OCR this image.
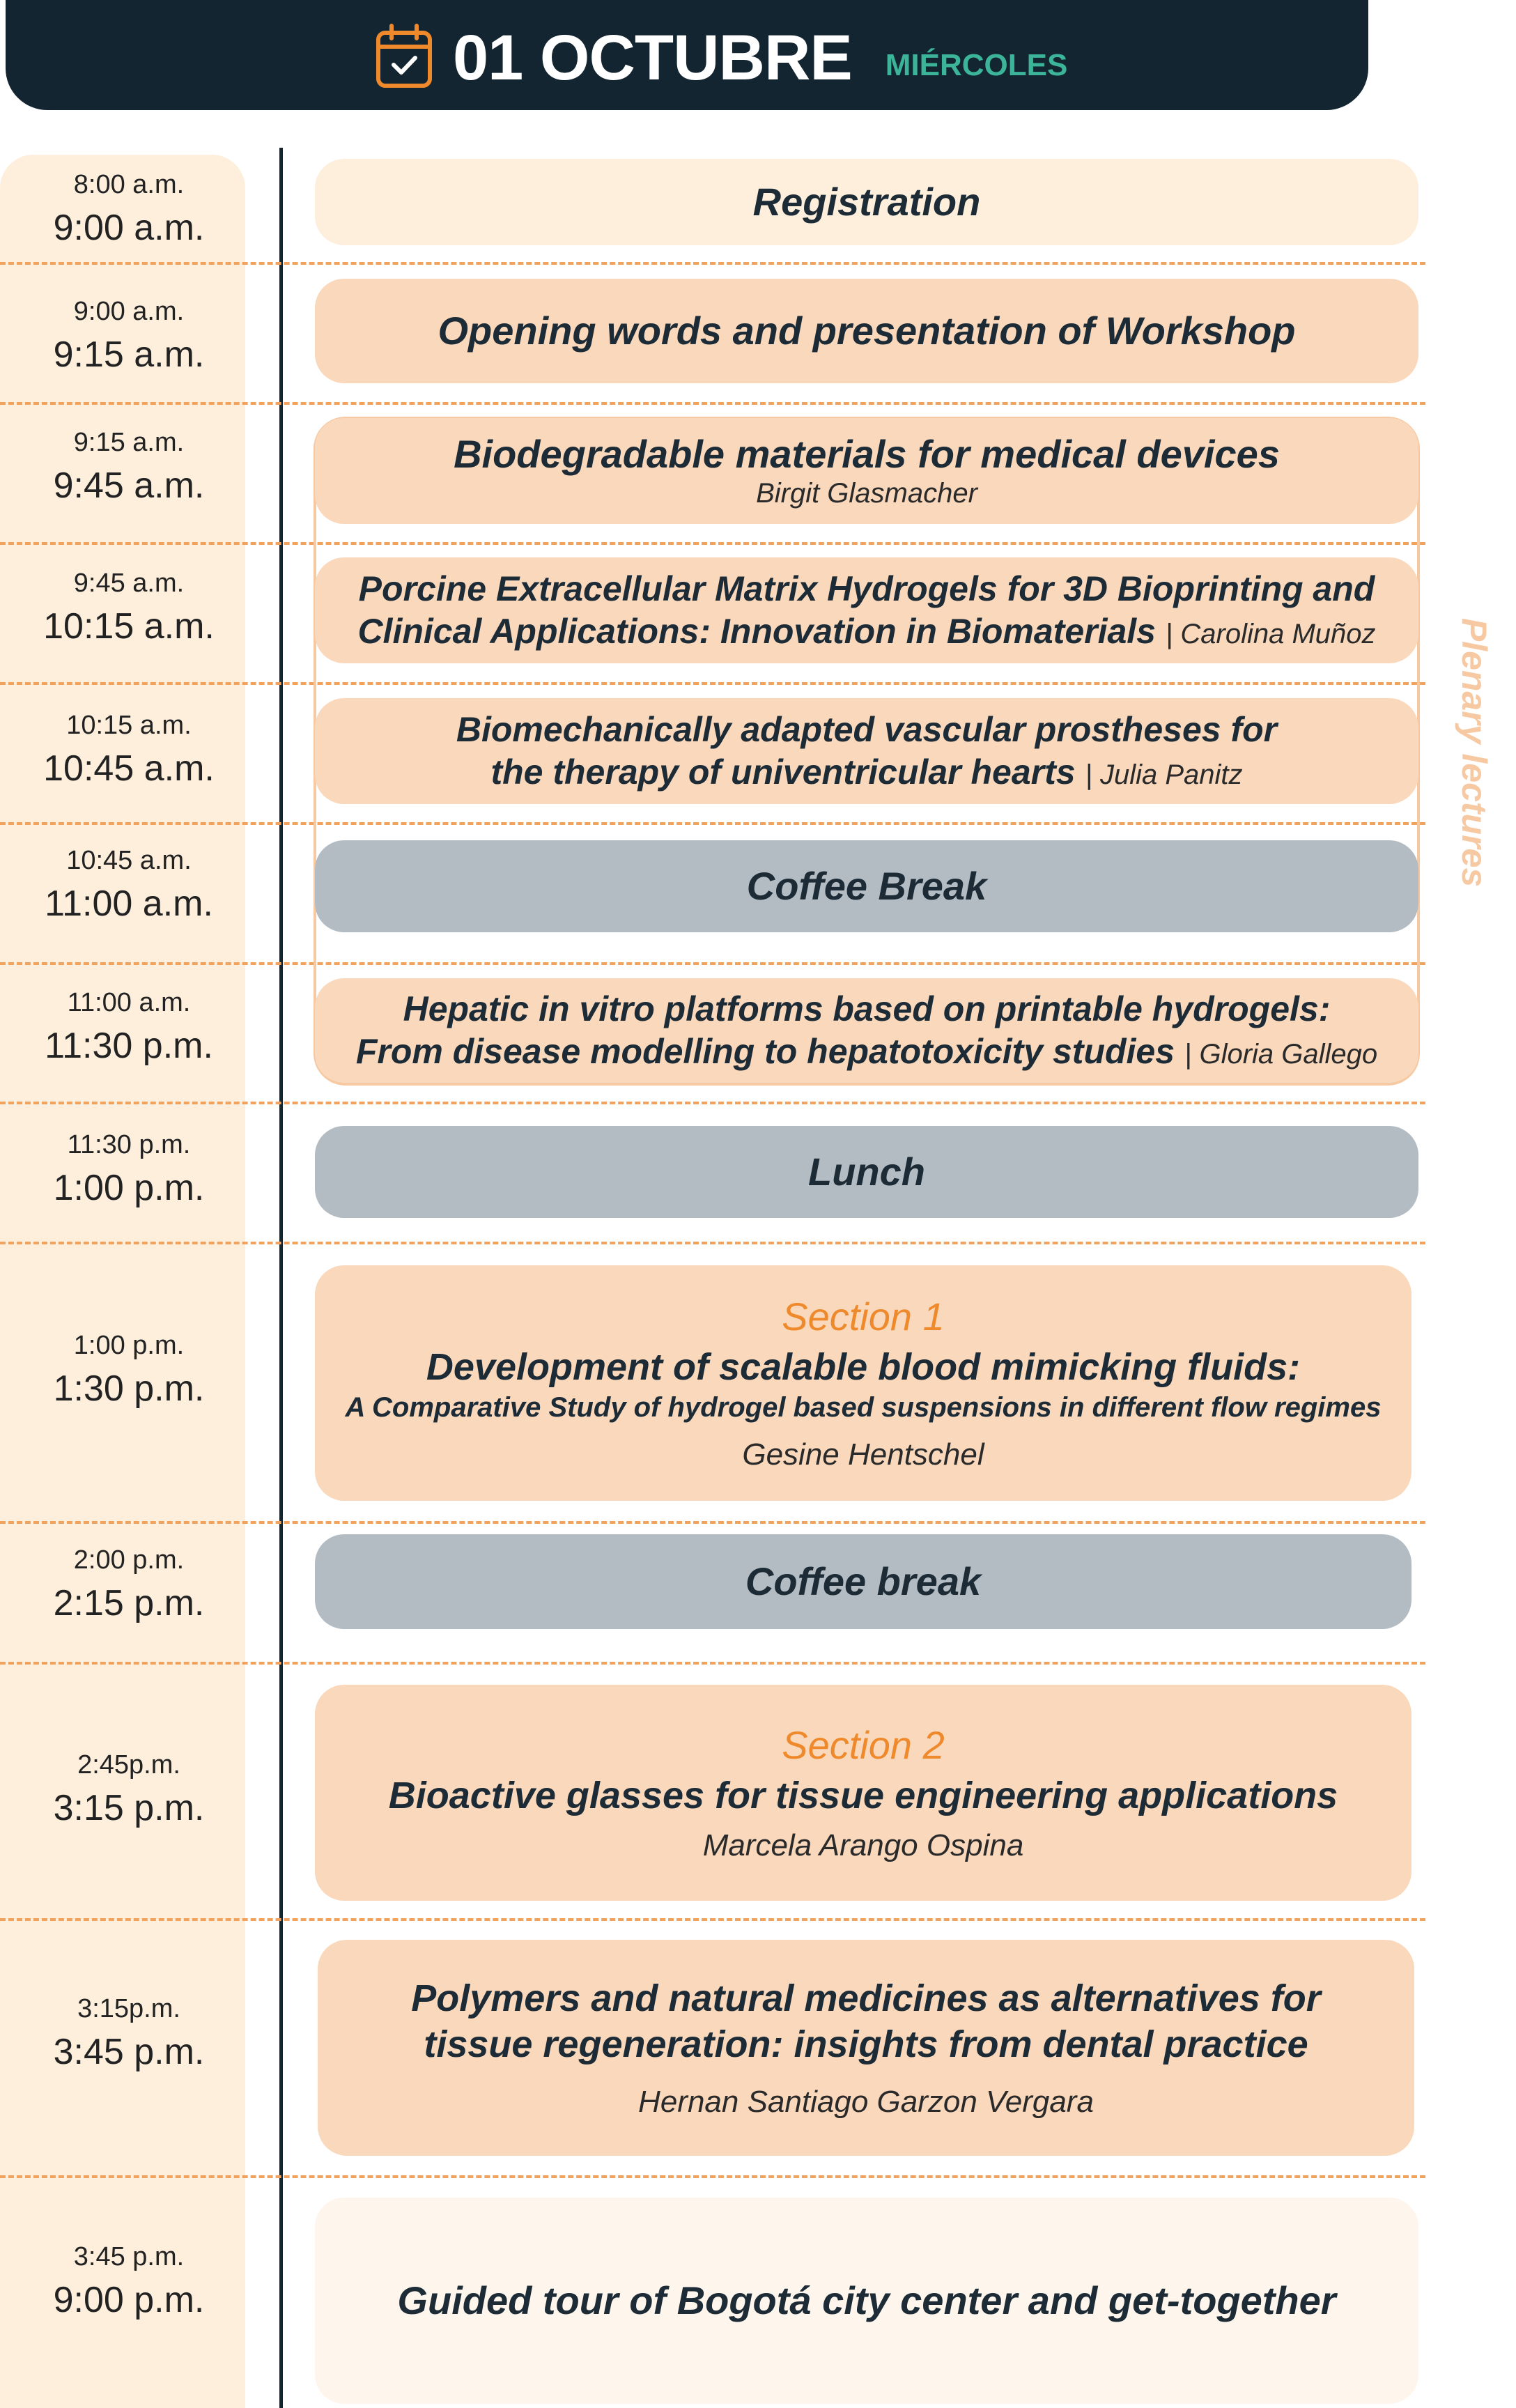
01 OCTUBRE MIÉRCOLES
8:00 a.m.
9:00 a.m.
9:00 a.m.
9:15 a.m.
9:15 a.m.
9:45 a.m.
9:45 a.m.
10:15 a.m.
10:15 a.m.
10:45 a.m.
10:45 a.m.
11:00 a.m.
11:00 a.m.
11:30 p.m.
11:30 p.m.
1:00 p.m.
1:00 p.m.
1:30 p.m.
2:00 p.m.
2:15 p.m.
2:45p.m.
3:15 p.m.
3:15p.m.
3:45 p.m.
3:45 p.m.
9:00 p.m.
Plenary lectures
Registration
Opening words and presentation of Workshop
Biodegradable materials for medical devices
Birgit Glasmacher
Porcine Extracellular Matrix Hydrogels for 3D Bioprinting and
Clinical Applications: Innovation in Biomaterials | Carolina Muñoz
Biomechanically adapted vascular prostheses for
the therapy of univentricular hearts | Julia Panitz
Coffee Break
Hepatic in vitro platforms based on printable hydrogels:
From disease modelling to hepatotoxicity studies | Gloria Gallego
Lunch
Section 1
Development of scalable blood mimicking fluids:
A Comparative Study of hydrogel based suspensions in different flow regimes
Gesine Hentschel
Coffee break
Section 2
Bioactive glasses for tissue engineering applications
Marcela Arango Ospina
Polymers and natural medicines as alternatives for
tissue regeneration: insights from dental practice
Hernan Santiago Garzon Vergara
Guided tour of Bogotá city center and get-together
